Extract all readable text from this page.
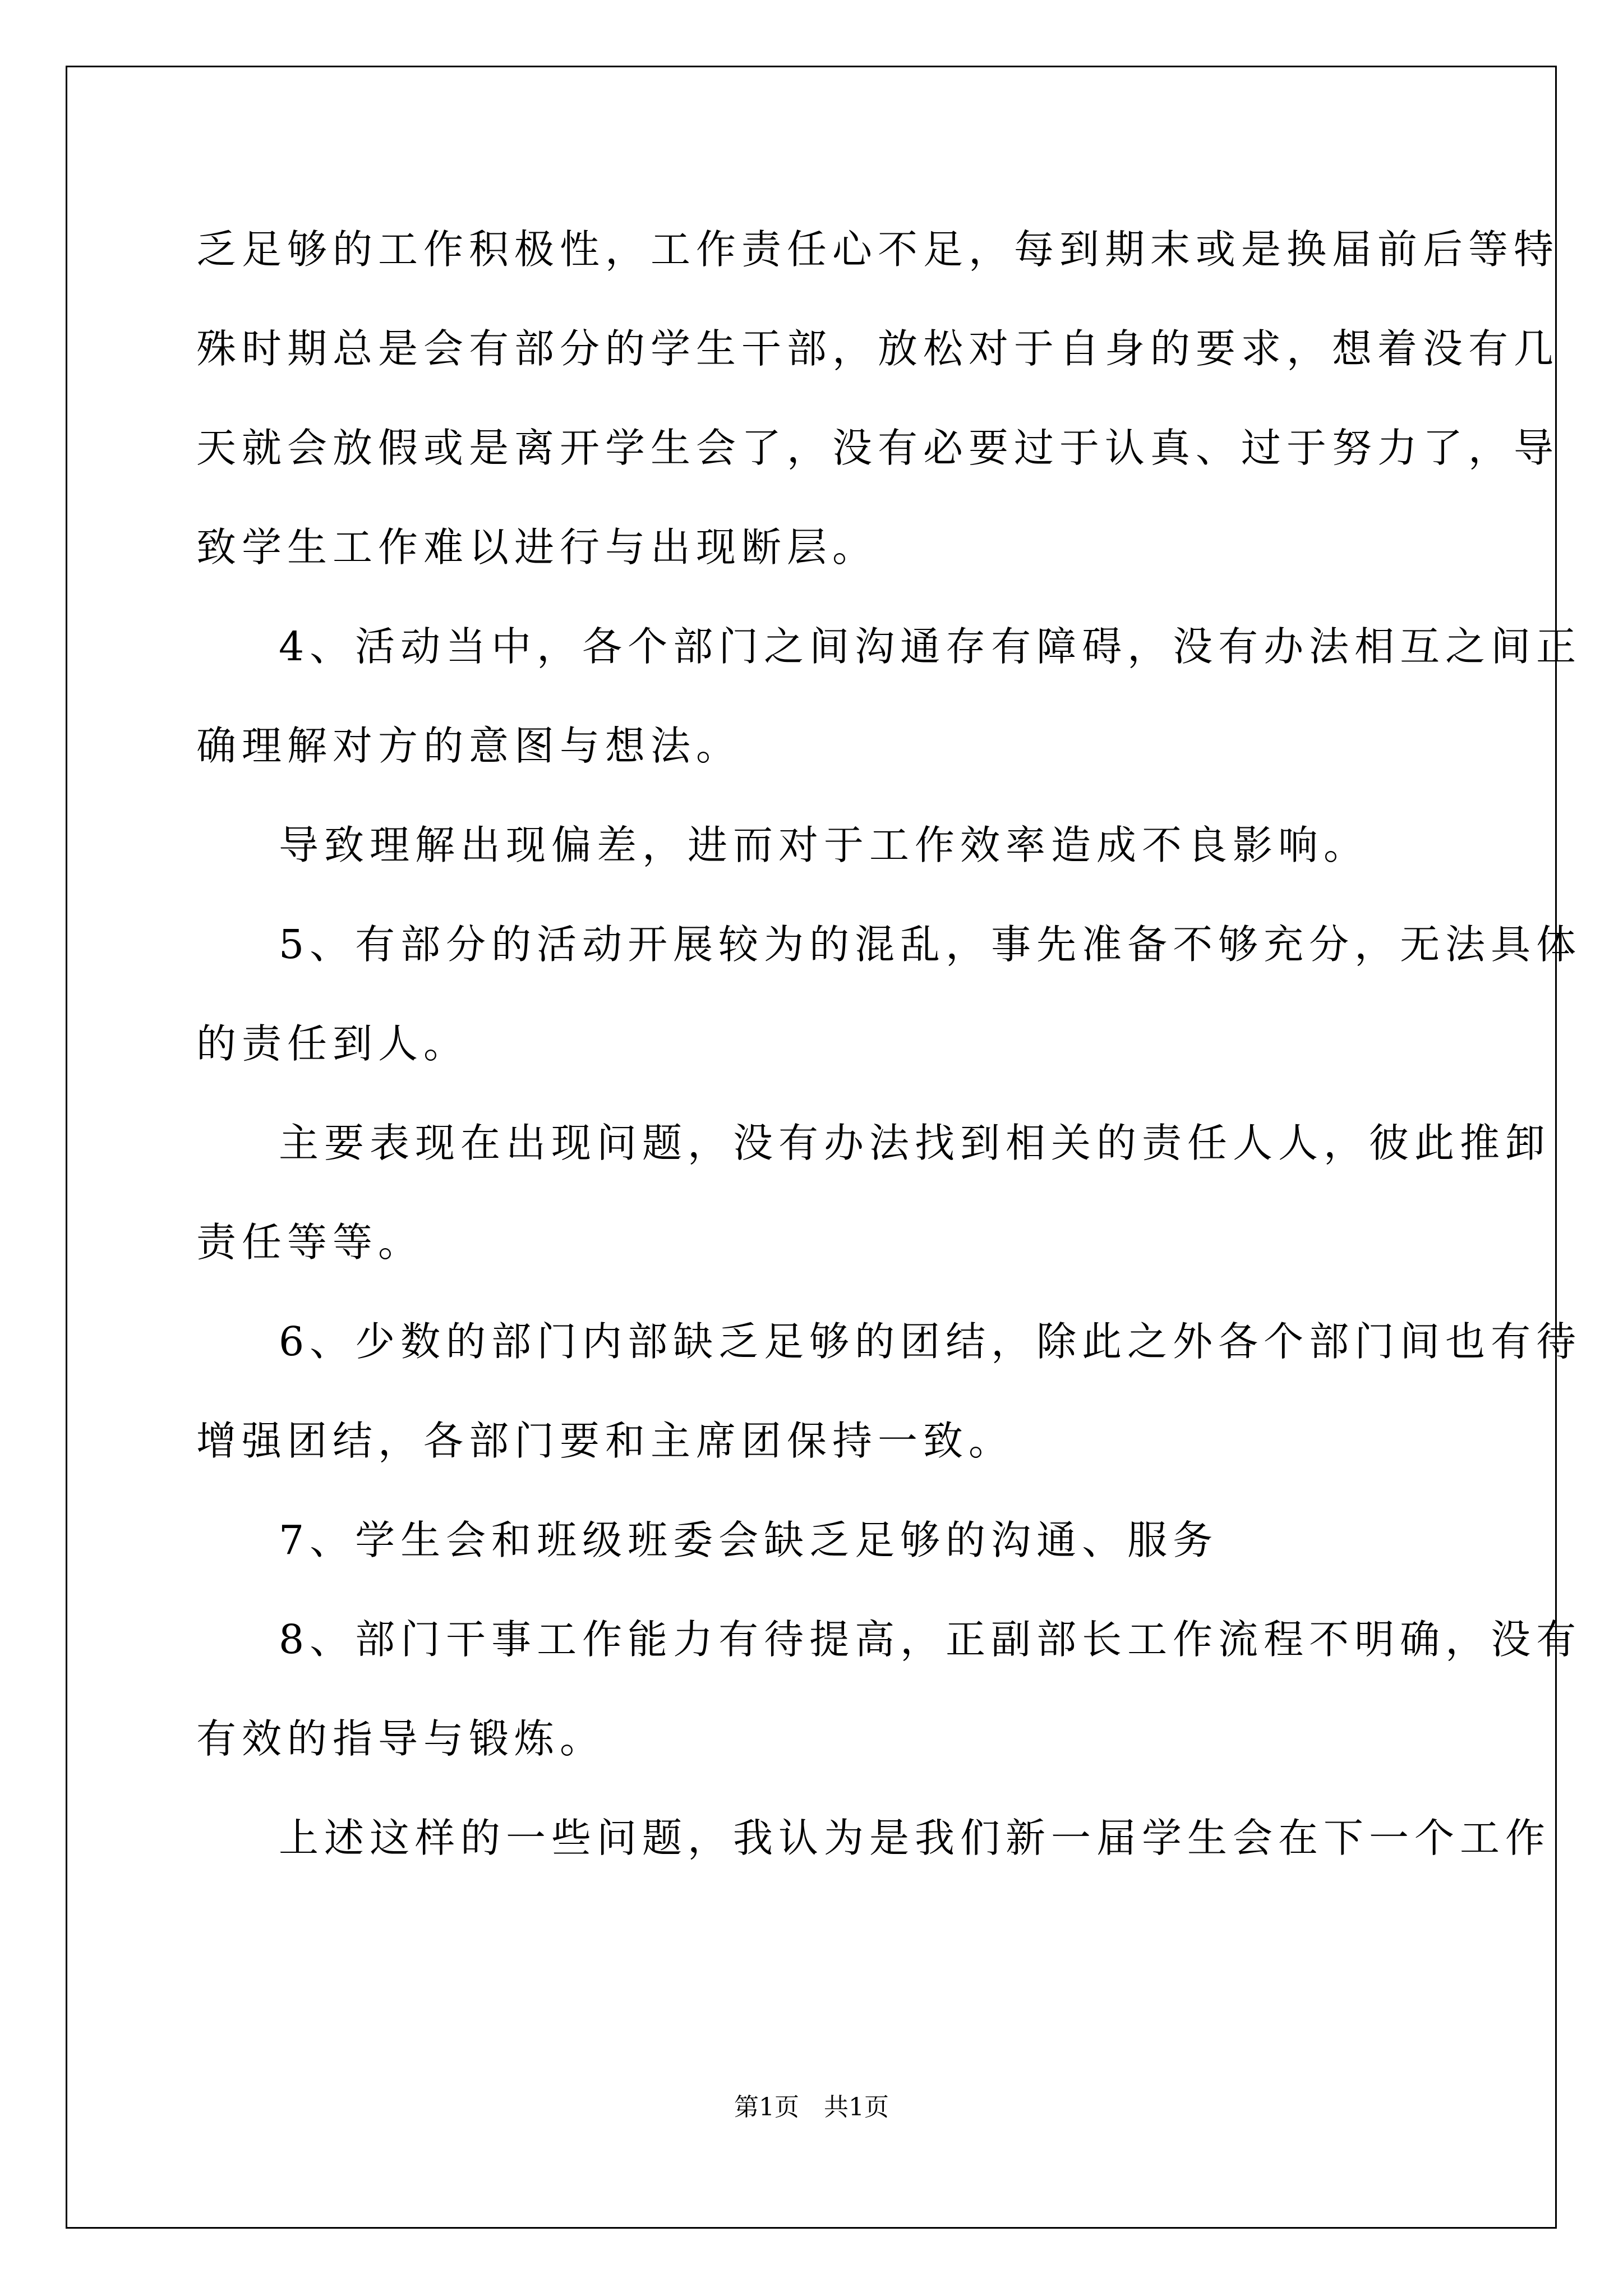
乏足够的工作积极性，工作责任心不足，每到期末或是换届前后等特
殊时期总是会有部分的学生干部，放松对于自身的要求，想着没有几
天就会放假或是离开学生会了，没有必要过于认真、过于努力了，导
致学生工作难以进行与出现断层。
4、活动当中，各个部门之间沟通存有障碍，没有办法相互之间正
确理解对方的意图与想法。
导致理解出现偏差，进而对于工作效率造成不良影响。
5、有部分的活动开展较为的混乱，事先准备不够充分，无法具体
的责任到人。
主要表现在出现问题，没有办法找到相关的责任人人，彼此推卸
责任等等。
6、少数的部门内部缺乏足够的团结，除此之外各个部门间也有待
增强团结，各部门要和主席团保持一致。
7、学生会和班级班委会缺乏足够的沟通、服务
8、部门干事工作能力有待提高，正副部长工作流程不明确，没有
有效的指导与锻炼。
上述这样的一些问题，我认为是我们新一届学生会在下一个工作
第1页　共1页
